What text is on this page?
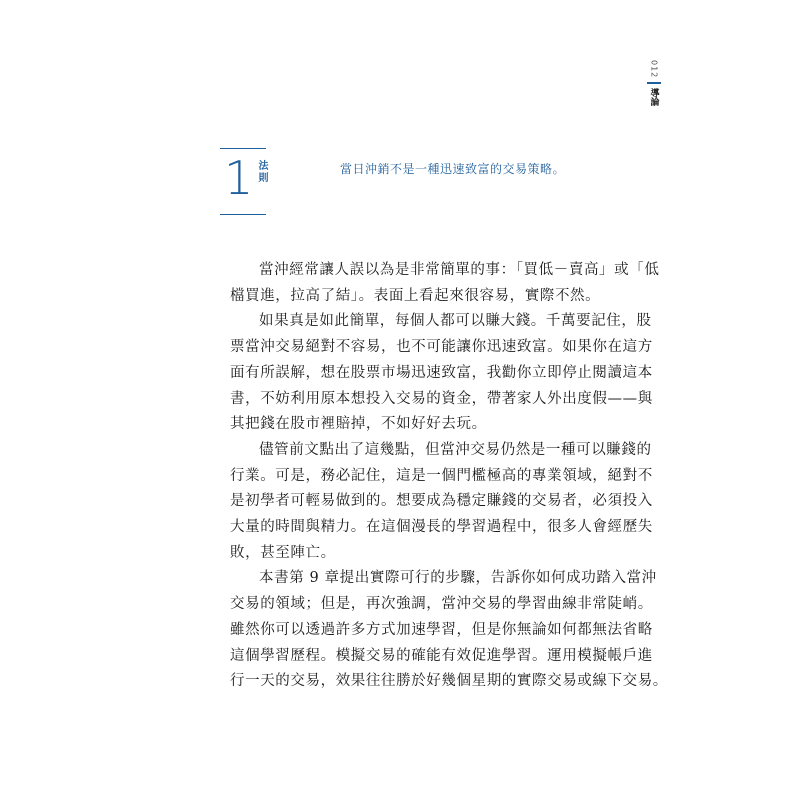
012
導論
1 法則	當日沖銷不是一種迅速致富的交易策略。

當沖經常讓人誤以為是非常簡單的事：「買低－賣高」或「低
檔買進，拉高了結」。表面上看起來很容易，實際不然。

如果真是如此簡單，每個人都可以賺大錢。千萬要記住，股
票當沖交易絕對不容易，也不可能讓你迅速致富。如果你在這方
面有所誤解，想在股票市場迅速致富，我勸你立即停止閱讀這本
書，不妨利用原本想投入交易的資金，帶著家人外出度假——與
其把錢在股市裡賠掉，不如好好去玩。

儘管前文點出了這幾點，但當沖交易仍然是一種可以賺錢的
行業。可是，務必記住，這是一個門檻極高的專業領域，絕對不
是初學者可輕易做到的。想要成為穩定賺錢的交易者，必須投入
大量的時間與精力。在這個漫長的學習過程中，很多人會經歷失
敗，甚至陣亡。

本書第 9 章提出實際可行的步驟，告訴你如何成功踏入當沖
交易的領域；但是，再次強調，當沖交易的學習曲線非常陡峭。
雖然你可以透過許多方式加速學習，但是你無論如何都無法省略
這個學習歷程。模擬交易的確能有效促進學習。運用模擬帳戶進
行一天的交易，效果往往勝於好幾個星期的實際交易或線下交易。
